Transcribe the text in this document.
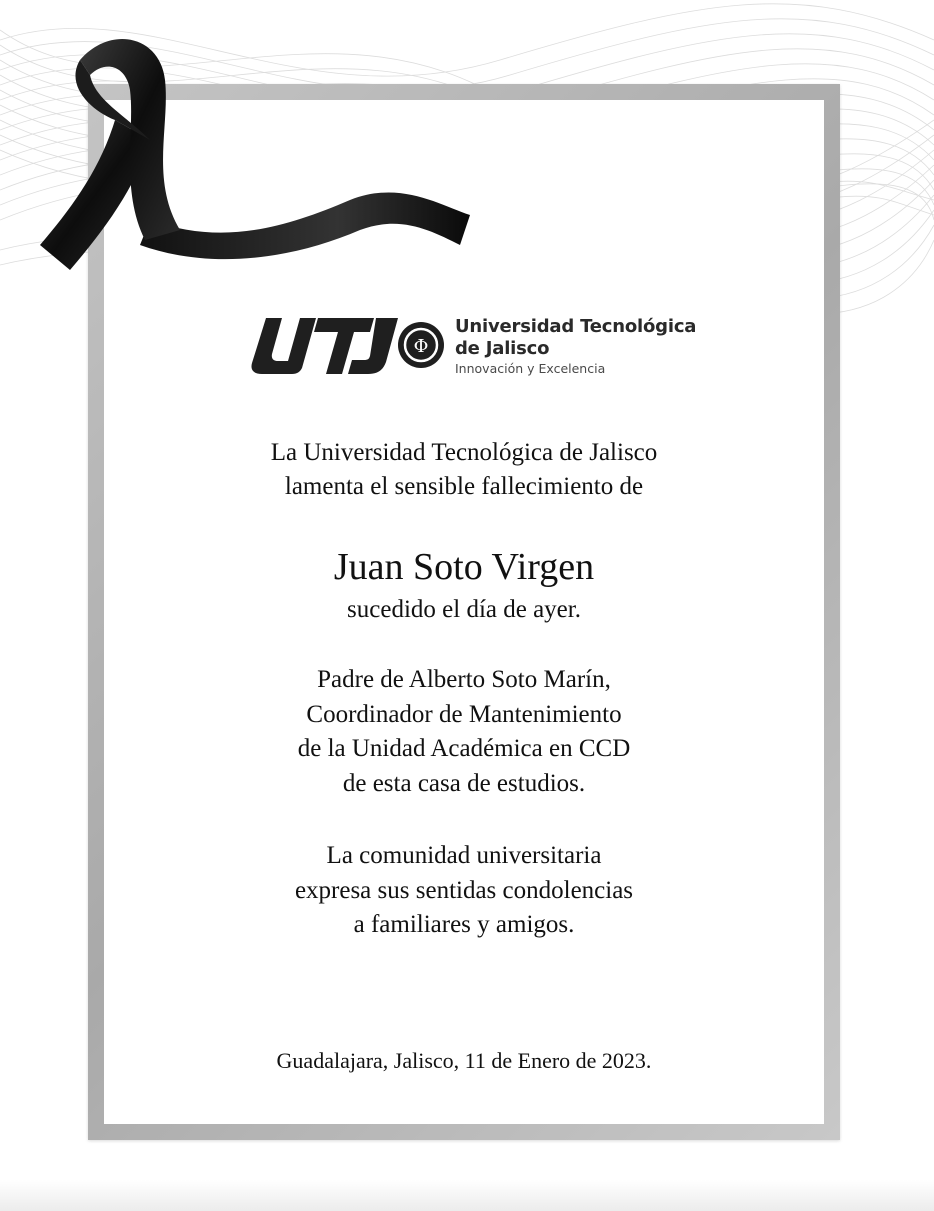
Φ
Universidad Tecnológica
de Jalisco
Innovación y Excelencia
La Universidad Tecnológica de Jalisco
lamenta el sensible fallecimiento de
Juan Soto Virgen
sucedido el día de ayer.
Padre de Alberto Soto Marín,
Coordinador de Mantenimiento
de la Unidad Académica en CCD
de esta casa de estudios.
La comunidad universitaria
expresa sus sentidas condolencias
a familiares y amigos.
Guadalajara, Jalisco, 11 de Enero de 2023.
